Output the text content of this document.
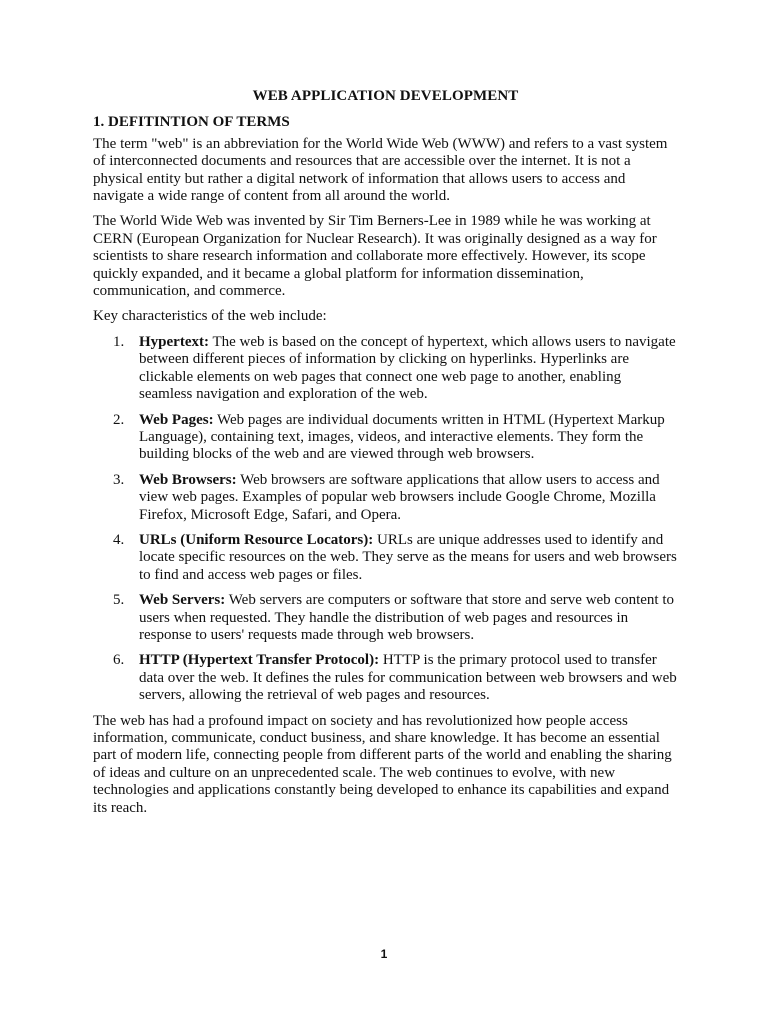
WEB APPLICATION DEVELOPMENT
1. DEFITINTION OF TERMS

The term "web" is an abbreviation for the World Wide Web (WWW) and refers to a vast system of interconnected documents and resources that are accessible over the internet. It is not a physical entity but rather a digital network of information that allows users to access and navigate a wide range of content from all around the world.

The World Wide Web was invented by Sir Tim Berners-Lee in 1989 while he was working at CERN (European Organization for Nuclear Research). It was originally designed as a way for scientists to share research information and collaborate more effectively. However, its scope quickly expanded, and it became a global platform for information dissemination, communication, and commerce.

Key characteristics of the web include:

1. Hypertext: The web is based on the concept of hypertext, which allows users to navigate between different pieces of information by clicking on hyperlinks. Hyperlinks are clickable elements on web pages that connect one web page to another, enabling seamless navigation and exploration of the web.
2. Web Pages: Web pages are individual documents written in HTML (Hypertext Markup Language), containing text, images, videos, and interactive elements. They form the building blocks of the web and are viewed through web browsers.
3. Web Browsers: Web browsers are software applications that allow users to access and view web pages. Examples of popular web browsers include Google Chrome, Mozilla Firefox, Microsoft Edge, Safari, and Opera.
4. URLs (Uniform Resource Locators): URLs are unique addresses used to identify and locate specific resources on the web. They serve as the means for users and web browsers to find and access web pages or files.
5. Web Servers: Web servers are computers or software that store and serve web content to users when requested. They handle the distribution of web pages and resources in response to users' requests made through web browsers.
6. HTTP (Hypertext Transfer Protocol): HTTP is the primary protocol used to transfer data over the web. It defines the rules for communication between web browsers and web servers, allowing the retrieval of web pages and resources.

The web has had a profound impact on society and has revolutionized how people access information, communicate, conduct business, and share knowledge. It has become an essential part of modern life, connecting people from different parts of the world and enabling the sharing of ideas and culture on an unprecedented scale. The web continues to evolve, with new technologies and applications constantly being developed to enhance its capabilities and expand its reach.

1
